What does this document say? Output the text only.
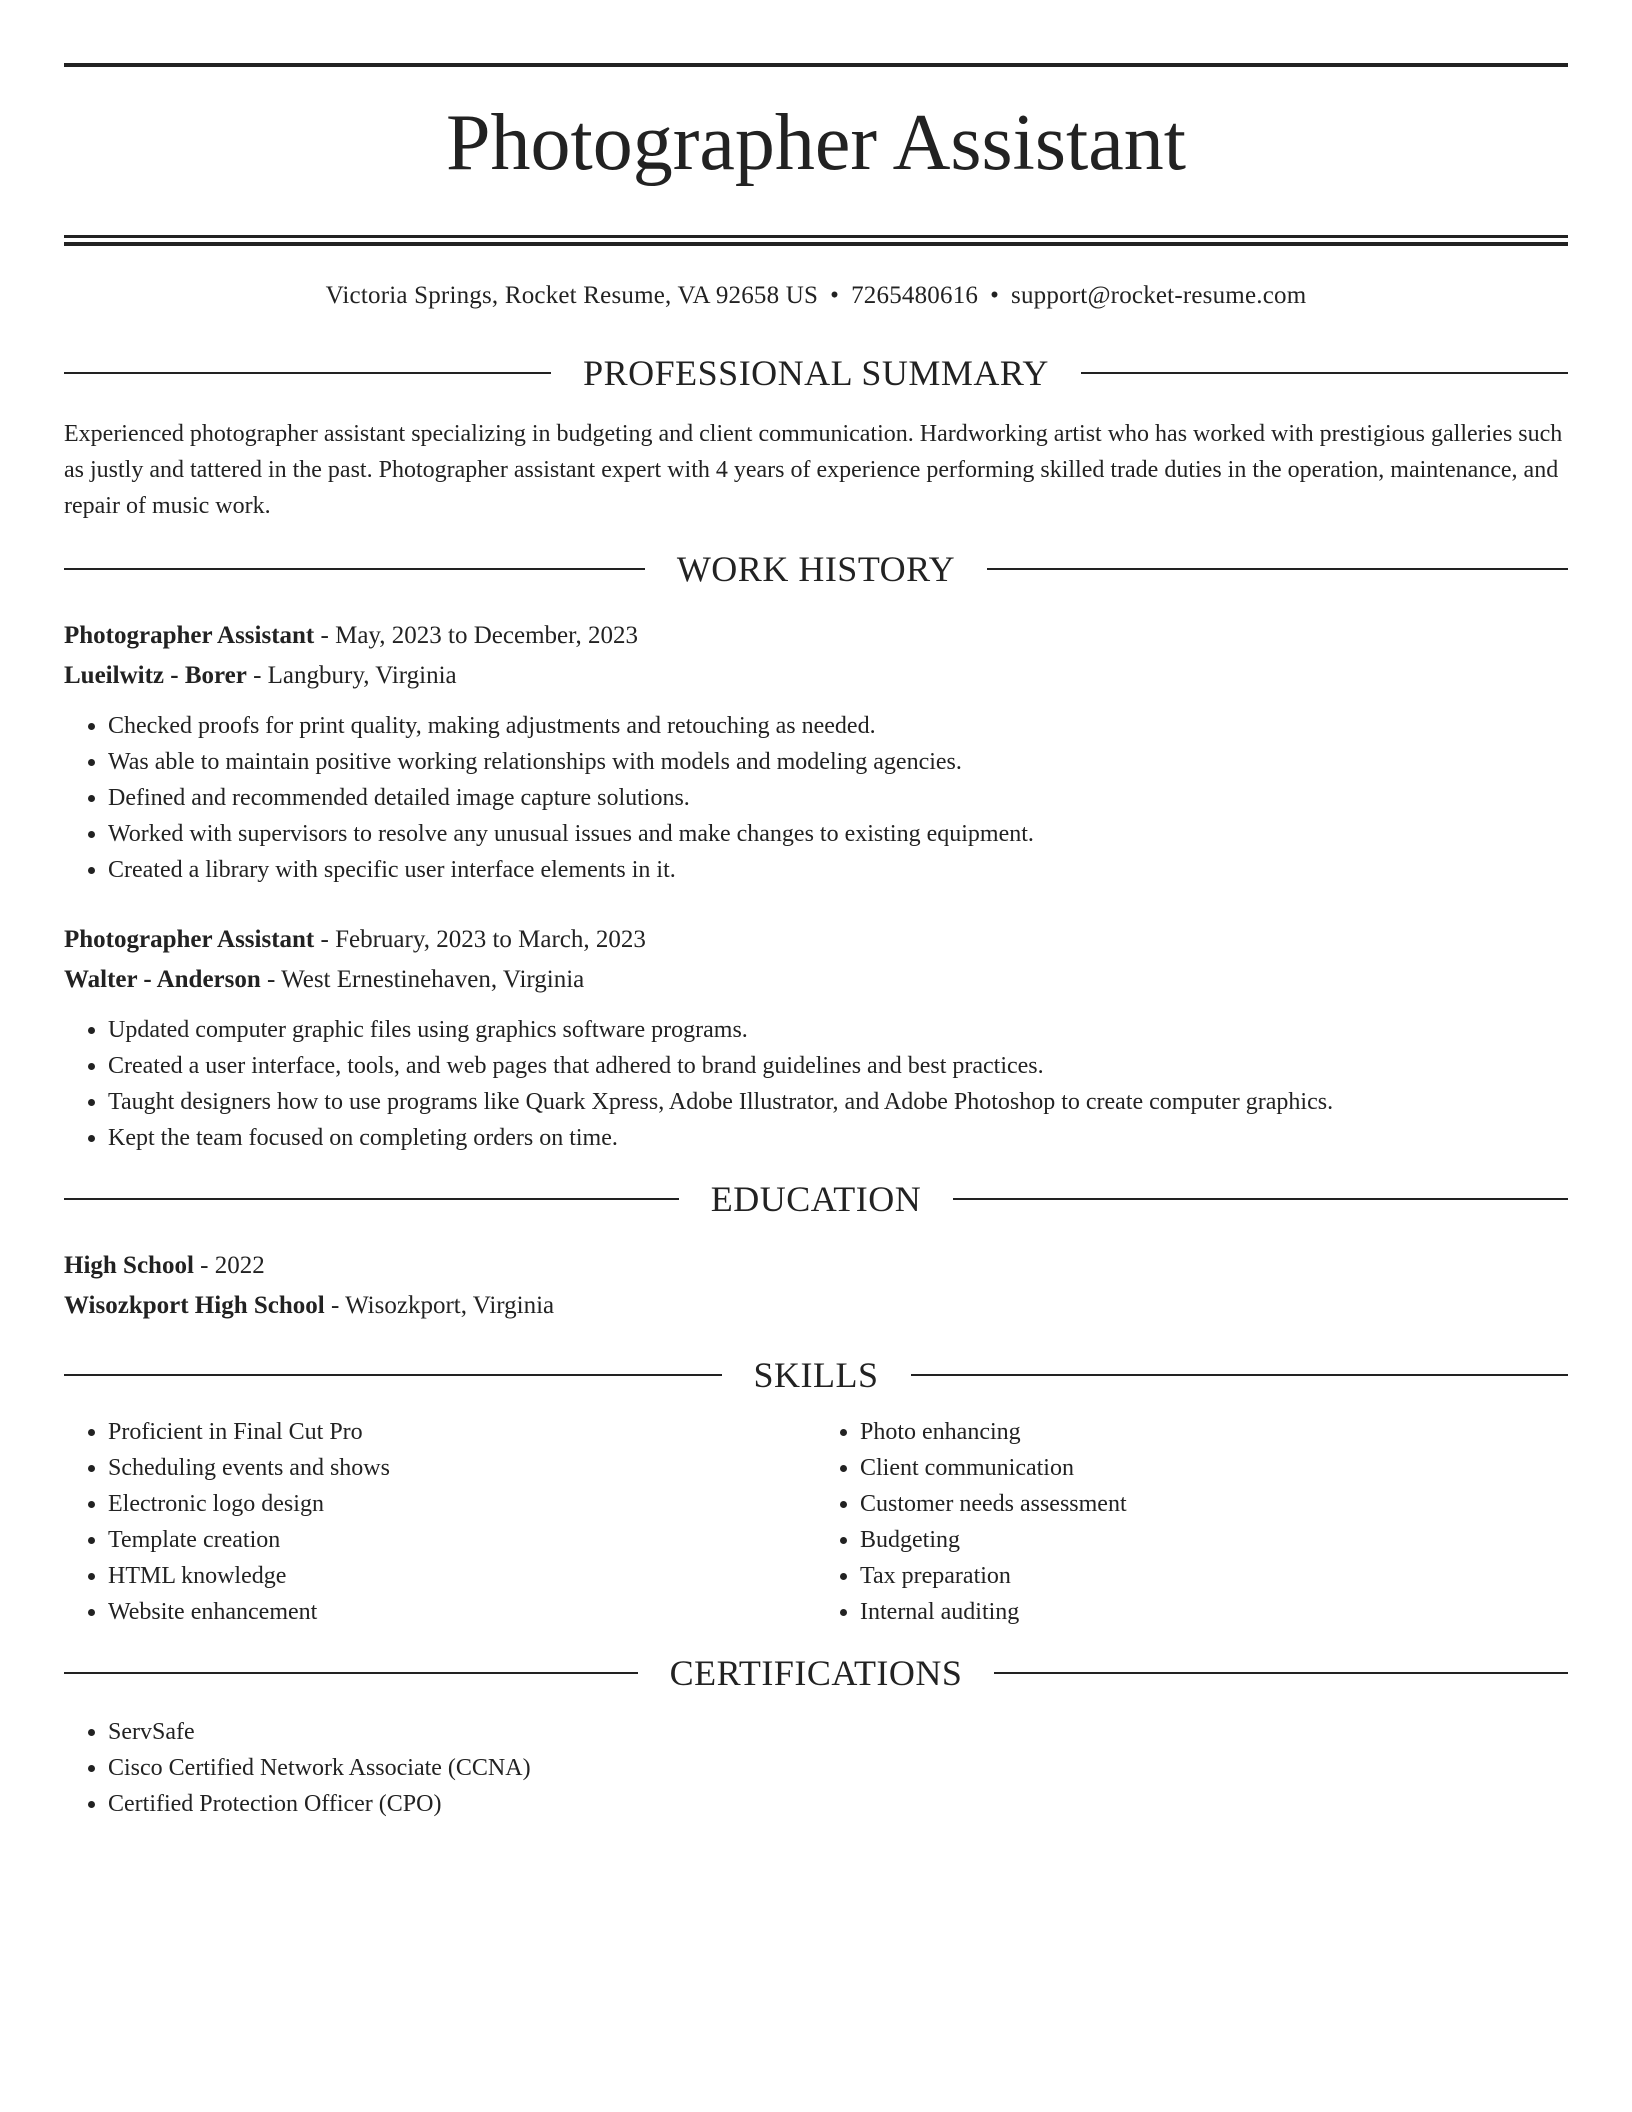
Photographer Assistant
Victoria Springs, Rocket Resume, VA 92658 US • 7265480616 • support@rocket-resume.com
PROFESSIONAL SUMMARY

Experienced photographer assistant specializing in budgeting and client communication. Hardworking artist who has worked with prestigious galleries such as justly and tattered in the past. Photographer assistant expert with 4 years of experience performing skilled trade duties in the operation, maintenance, and repair of music work.

WORK HISTORY
Photographer Assistant - May, 2023 to December, 2023
Lueilwitz - Borer - Langbury, Virginia
• Checked proofs for print quality, making adjustments and retouching as needed.
• Was able to maintain positive working relationships with models and modeling agencies.
• Defined and recommended detailed image capture solutions.
• Worked with supervisors to resolve any unusual issues and make changes to existing equipment.
• Created a library with specific user interface elements in it.
Photographer Assistant - February, 2023 to March, 2023
Walter - Anderson - West Ernestinehaven, Virginia
• Updated computer graphic files using graphics software programs.
• Created a user interface, tools, and web pages that adhered to brand guidelines and best practices.
• Taught designers how to use programs like Quark Xpress, Adobe Illustrator, and Adobe Photoshop to create computer graphics.
• Kept the team focused on completing orders on time.
EDUCATION
High School - 2022
Wisozkport High School - Wisozkport, Virginia
SKILLS
• Proficient in Final Cut Pro
• Scheduling events and shows
• Electronic logo design
• Template creation
• HTML knowledge
• Website enhancement
• Photo enhancing
• Client communication
• Customer needs assessment
• Budgeting
• Tax preparation
• Internal auditing
CERTIFICATIONS
• ServSafe
• Cisco Certified Network Associate (CCNA)
• Certified Protection Officer (CPO)
